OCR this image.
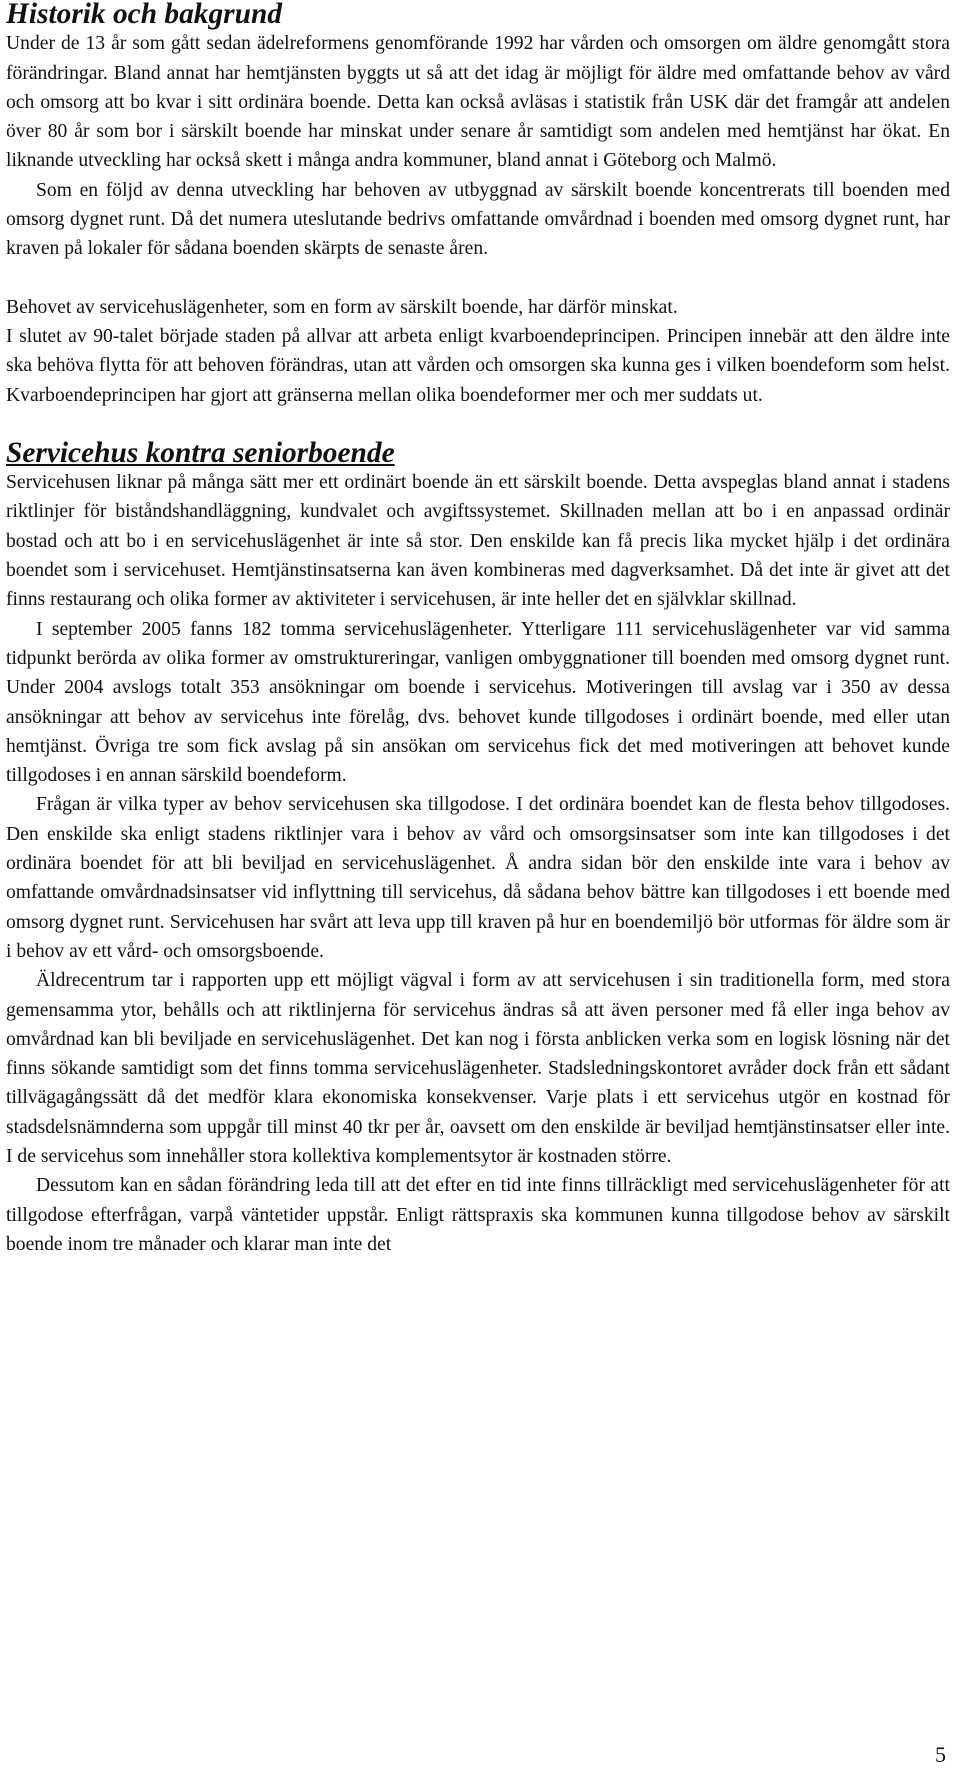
Historik och bakgrund

Under de 13 år som gått sedan ädelreformens genomförande 1992 har vården och omsorgen om äldre genomgått stora förändringar. Bland annat har hemtjänsten byggts ut så att det idag är möjligt för äldre med omfattande behov av vård och omsorg att bo kvar i sitt ordinära boende. Detta kan också avläsas i statistik från USK där det framgår att andelen över 80 år som bor i särskilt boende har minskat under senare år samtidigt som andelen med hemtjänst har ökat. En liknande utveckling har också skett i många andra kommuner, bland annat i Göteborg och Malmö.

Som en följd av denna utveckling har behoven av utbyggnad av särskilt boende koncentrerats till boenden med omsorg dygnet runt. Då det numera uteslutande bedrivs omfattande omvårdnad i boenden med omsorg dygnet runt, har kraven på lokaler för sådana boenden skärpts de senaste åren.

Behovet av servicehuslägenheter, som en form av särskilt boende, har därför minskat.

I slutet av 90-talet började staden på allvar att arbeta enligt kvarboendeprincipen. Principen innebär att den äldre inte ska behöva flytta för att behoven förändras, utan att vården och omsorgen ska kunna ges i vilken boendeform som helst. Kvarboendeprincipen har gjort att gränserna mellan olika boendeformer mer och mer suddats ut.

Servicehus kontra seniorboende

Servicehusen liknar på många sätt mer ett ordinärt boende än ett särskilt boende. Detta avspeglas bland annat i stadens riktlinjer för biståndshandläggning, kundvalet och avgiftssystemet. Skillnaden mellan att bo i en anpassad ordinär bostad och att bo i en servicehuslägenhet är inte så stor. Den enskilde kan få precis lika mycket hjälp i det ordinära boendet som i servicehuset. Hemtjänstinsatserna kan även kombineras med dagverksamhet. Då det inte är givet att det finns restaurang och olika former av aktiviteter i servicehusen, är inte heller det en självklar skillnad.

I september 2005 fanns 182 tomma servicehuslägenheter. Ytterligare 111 servicehuslägenheter var vid samma tidpunkt berörda av olika former av omstruktureringar, vanligen ombyggnationer till boenden med omsorg dygnet runt. Under 2004 avslogs totalt 353 ansökningar om boende i servicehus. Motiveringen till avslag var i 350 av dessa ansökningar att behov av servicehus inte förelåg, dvs. behovet kunde tillgodoses i ordinärt boende, med eller utan hemtjänst. Övriga tre som fick avslag på sin ansökan om servicehus fick det med motiveringen att behovet kunde tillgodoses i en annan särskild boendeform.

Frågan är vilka typer av behov servicehusen ska tillgodose. I det ordinära boendet kan de flesta behov tillgodoses. Den enskilde ska enligt stadens riktlinjer vara i behov av vård och omsorgsinsatser som inte kan tillgodoses i det ordinära boendet för att bli beviljad en servicehuslägenhet. Å andra sidan bör den enskilde inte vara i behov av omfattande omvårdnadsinsatser vid inflyttning till servicehus, då sådana behov bättre kan tillgodoses i ett boende med omsorg dygnet runt. Servicehusen har svårt att leva upp till kraven på hur en boendemiljö bör utformas för äldre som är i behov av ett vård- och omsorgsboende.

Äldrecentrum tar i rapporten upp ett möjligt vägval i form av att servicehusen i sin traditionella form, med stora gemensamma ytor, behålls och att riktlinjerna för servicehus ändras så att även personer med få eller inga behov av omvårdnad kan bli beviljade en servicehuslägenhet. Det kan nog i första anblicken verka som en logisk lösning när det finns sökande samtidigt som det finns tomma servicehuslägenheter. Stadsledningskontoret avråder dock från ett sådant tillvägagångssätt då det medför klara ekonomiska konsekvenser. Varje plats i ett servicehus utgör en kostnad för stadsdelsnämnderna som uppgår till minst 40 tkr per år, oavsett om den enskilde är beviljad hemtjänstinsatser eller inte. I de servicehus som innehåller stora kollektiva komplementsytor är kostnaden större.

Dessutom kan en sådan förändring leda till att det efter en tid inte finns tillräckligt med servicehuslägenheter för att tillgodose efterfrågan, varpå väntetider uppstår. Enligt rättspraxis ska kommunen kunna tillgodose behov av särskilt boende inom tre månader och klarar man inte det

5
